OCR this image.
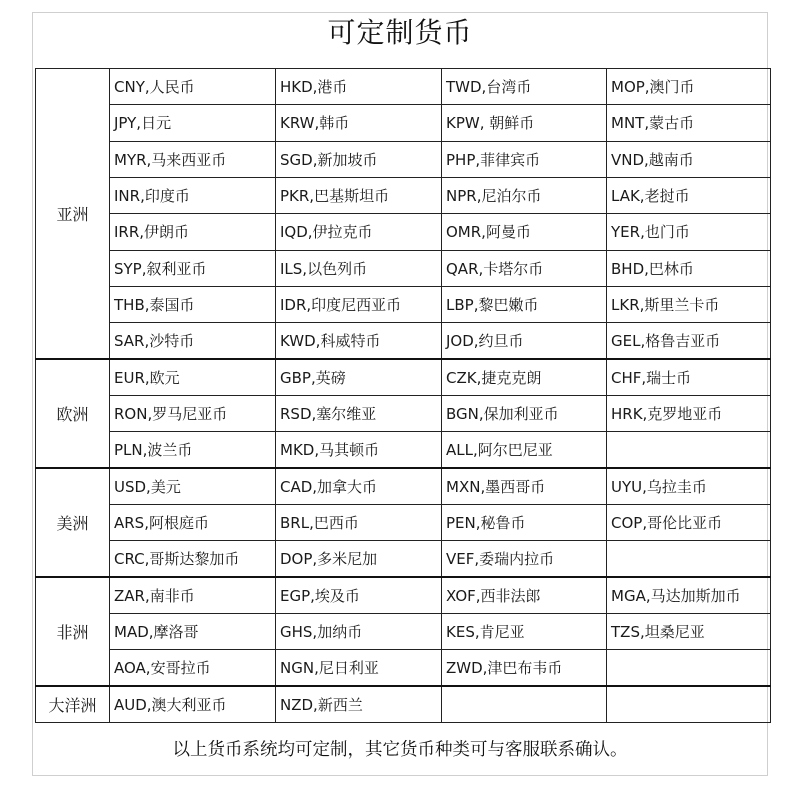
可定制货币
亚洲	CNY,人民币	HKD,港币	TWD,台湾币	MOP,澳门币
	JPY,日元	KRW,韩币	KPW, 朝鲜币	MNT,蒙古币
	MYR,马来西亚币	SGD,新加坡币	PHP,菲律宾币	VND,越南币
	INR,印度币	PKR,巴基斯坦币	NPR,尼泊尔币	LAK,老挝币
	IRR,伊朗币	IQD,伊拉克币	OMR,阿曼币	YER,也门币
	SYP,叙利亚币	ILS,以色列币	QAR,卡塔尔币	BHD,巴林币
	THB,泰国币	IDR,印度尼西亚币	LBP,黎巴嫩币	LKR,斯里兰卡币
	SAR,沙特币	KWD,科威特币	JOD,约旦币	GEL,格鲁吉亚币
欧洲	EUR,欧元	GBP,英磅	CZK,捷克克朗	CHF,瑞士币
	RON,罗马尼亚币	RSD,塞尔维亚	BGN,保加利亚币	HRK,克罗地亚币
	PLN,波兰币	MKD,马其顿币	ALL,阿尔巴尼亚	
美洲	USD,美元	CAD,加拿大币	MXN,墨西哥币	UYU,乌拉圭币
	ARS,阿根庭币	BRL,巴西币	PEN,秘鲁币	COP,哥伦比亚币
	CRC,哥斯达黎加币	DOP,多米尼加	VEF,委瑞内拉币	
非洲	ZAR,南非币	EGP,埃及币	XOF,西非法郎	MGA,马达加斯加币
	MAD,摩洛哥	GHS,加纳币	KES,肯尼亚	TZS,坦桑尼亚
	AOA,安哥拉币	NGN,尼日利亚	ZWD,津巴布韦币	
大洋洲	AUD,澳大利亚币	NZD,新西兰		
以上货币系统均可定制，其它货币种类可与客服联系确认。
